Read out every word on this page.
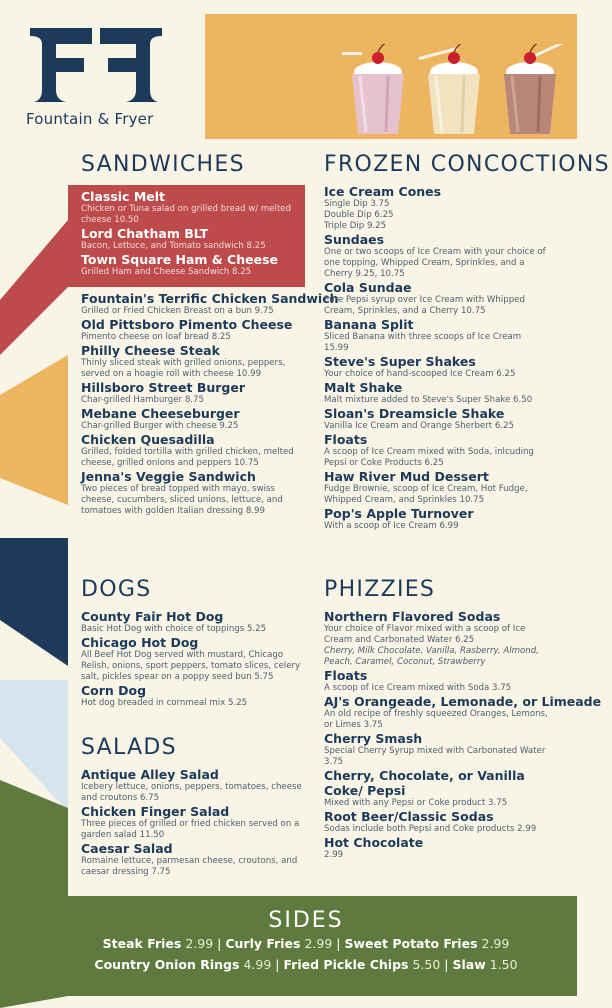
Fountain & Fryer
SANDWICHES
Classic Melt
Chicken or Tuna salad on grilled bread w/ melted cheese 10.50
Lord Chatham BLT
Bacon, Lettuce, and Tomato sandwich 8.25
Town Square Ham & Cheese
Grilled Ham and Cheese Sandwich 8.25
Fountain's Terrific Chicken Sandwich
Grilled or Fried Chicken Breast on a bun 9.75
Old Pittsboro Pimento Cheese
Pimento cheese on loaf bread 8.25
Philly Cheese Steak
Thinly sliced steak with grilled onions, peppers, served on a hoagie roll with cheese 10.99
Hillsboro Street Burger
Char-grilled Hamburger 8.75
Mebane Cheeseburger
Char-grilled Burger with cheese 9.25
Chicken Quesadilla
Grilled, folded tortilla with grilled chicken, melted cheese, grilled onions and peppers 10.75
Jenna's Veggie Sandwich
Two pieces of bread topped with mayo, swiss cheese, cucumbers, sliced unions, lettuce, and tomatoes with golden Italian dressing 8.99
FROZEN CONCOCTIONS
Ice Cream Cones
Single Dip 3.75
Double Dip 6.25
Triple Dip 9.25
Sundaes
One or two scoops of Ice Cream with your choice of one topping, Whipped Cream, Sprinkles, and a Cherry 9.25, 10.75
Cola Sundae
Pure Pepsi syrup over Ice Cream with Whipped Cream, Sprinkles, and a Cherry 10.75
Banana Split
Sliced Banana with three scoops of Ice Cream 15.99
Steve's Super Shakes
Your choice of hand-scooped Ice Cream 6.25
Malt Shake
Malt mixture added to Steve's Super Shake 6.50
Sloan's Dreamsicle Shake
Vanilla Ice Cream and Orange Sherbert 6.25
Floats
A scoop of Ice Cream mixed with Soda, inlcuding Pepsi or Coke Products 6.25
Haw River Mud Dessert
Fudge Brownie, scoop of Ice Cream, Hot Fudge, Whipped Cream, and Sprinkles 10.75
Pop's Apple Turnover
With a scoop of Ice Cream 6.99
DOGS
County Fair Hot Dog
Basic Hot Dog with choice of toppings 5.25
Chicago Hot Dog
All Beef Hot Dog served with mustard, Chicago Relish, onions, sport peppers, tomato slices, celery salt, pickles spear on a poppy seed bun 5.75
Corn Dog
Hot dog breaded in cornmeal mix 5.25
SALADS
Antique Alley Salad
Icebery lettuce, onions, peppers, tomatoes, cheese and croutons 6.75
Chicken Finger Salad
Three pieces of grilled or fried chicken served on a garden salad 11.50
Caesar Salad
Romaine lettuce, parmesan cheese, croutons, and caesar dressing 7.75
PHIZZIES
Northern Flavored Sodas
Your choice of Flavor mixed with a scoop of Ice Cream and Carbonated Water 6.25
Cherry, Milk Chocolate, Vanilla, Rasberry, Almond, Peach, Caramel, Coconut, Strawberry
Floats
A scoop of Ice Cream mixed with Soda 3.75
AJ's Orangeade, Lemonade, or Limeade
An old recipe of freshly squeezed Oranges, Lemons, or Limes 3.75
Cherry Smash
Special Cherry Syrup mixed with Carbonated Water 3.75
Cherry, Chocolate, or Vanilla Coke/ Pepsi
Mixed with any Pepsi or Coke product 3.75
Root Beer/Classic Sodas
Sodas include both Pepsi and Coke products 2.99
Hot Chocolate
2.99
SIDES
Steak Fries 2.99 | Curly Fries 2.99 | Sweet Potato Fries 2.99
Country Onion Rings 4.99 | Fried Pickle Chips 5.50 | Slaw 1.50
